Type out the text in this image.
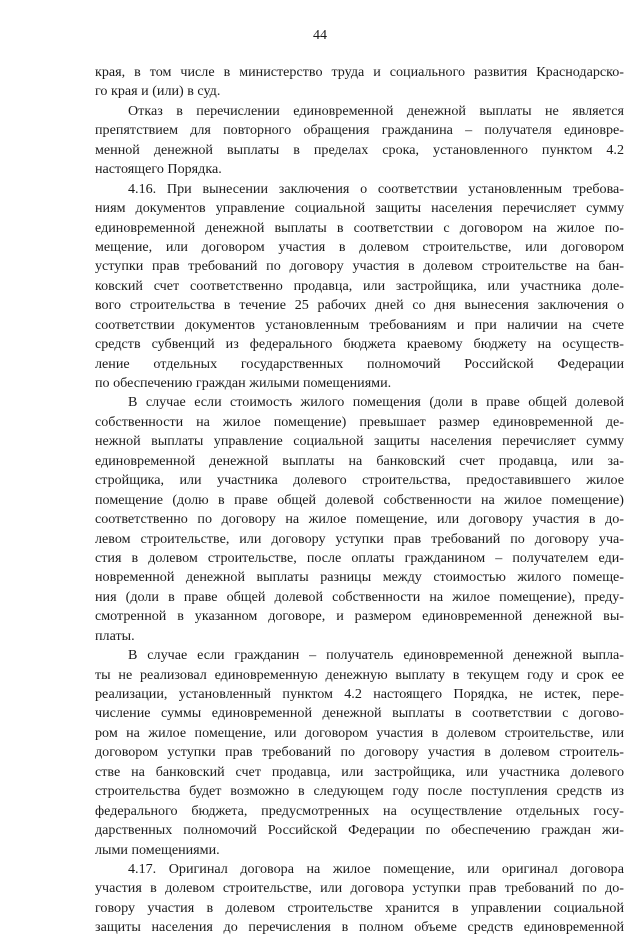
44
края, в том числе в министерство труда и социального развития Краснодарско-
го края и (или) в суд.
Отказ в перечислении единовременной денежной выплаты не является
препятствием для повторного обращения гражданина – получателя единовре-
менной денежной выплаты в пределах срока, установленного пунктом 4.2
настоящего Порядка.
4.16. При вынесении заключения о соответствии установленным требова-
ниям документов управление социальной защиты населения перечисляет сумму
единовременной денежной выплаты в соответствии с договором на жилое по-
мещение, или договором участия в долевом строительстве, или договором
уступки прав требований по договору участия в долевом строительстве на бан-
ковский счет соответственно продавца, или застройщика, или участника доле-
вого строительства в течение 25 рабочих дней со дня вынесения заключения о
соответствии документов установленным требованиям и при наличии на счете
средств субвенций из федерального бюджета краевому бюджету на осуществ-
ление отдельных государственных полномочий Российской Федерации
по обеспечению граждан жилыми помещениями.
В случае если стоимость жилого помещения (доли в праве общей долевой
собственности на жилое помещение) превышает размер единовременной де-
нежной выплаты управление социальной защиты населения перечисляет сумму
единовременной денежной выплаты на банковский счет продавца, или за-
стройщика, или участника долевого строительства, предоставившего жилое
помещение (долю в праве общей долевой собственности на жилое помещение)
соответственно по договору на жилое помещение, или договору участия в до-
левом строительстве, или договору уступки прав требований по договору уча-
стия в долевом строительстве, после оплаты гражданином – получателем еди-
новременной денежной выплаты разницы между стоимостью жилого помеще-
ния (доли в праве общей долевой собственности на жилое помещение), преду-
смотренной в указанном договоре, и размером единовременной денежной вы-
платы.
В случае если гражданин – получатель единовременной денежной выпла-
ты не реализовал единовременную денежную выплату в текущем году и срок ее
реализации, установленный пунктом 4.2 настоящего Порядка, не истек, пере-
числение суммы единовременной денежной выплаты в соответствии с догово-
ром на жилое помещение, или договором участия в долевом строительстве, или
договором уступки прав требований по договору участия в долевом строитель-
стве на банковский счет продавца, или застройщика, или участника долевого
строительства будет возможно в следующем году после поступления средств из
федерального бюджета, предусмотренных на осуществление отдельных госу-
дарственных полномочий Российской Федерации по обеспечению граждан жи-
лыми помещениями.
4.17. Оригинал договора на жилое помещение, или оригинал договора
участия в долевом строительстве, или договора уступки прав требований по до-
говору участия в долевом строительстве хранится в управлении социальной
защиты населения до перечисления в полном объеме средств единовременной
